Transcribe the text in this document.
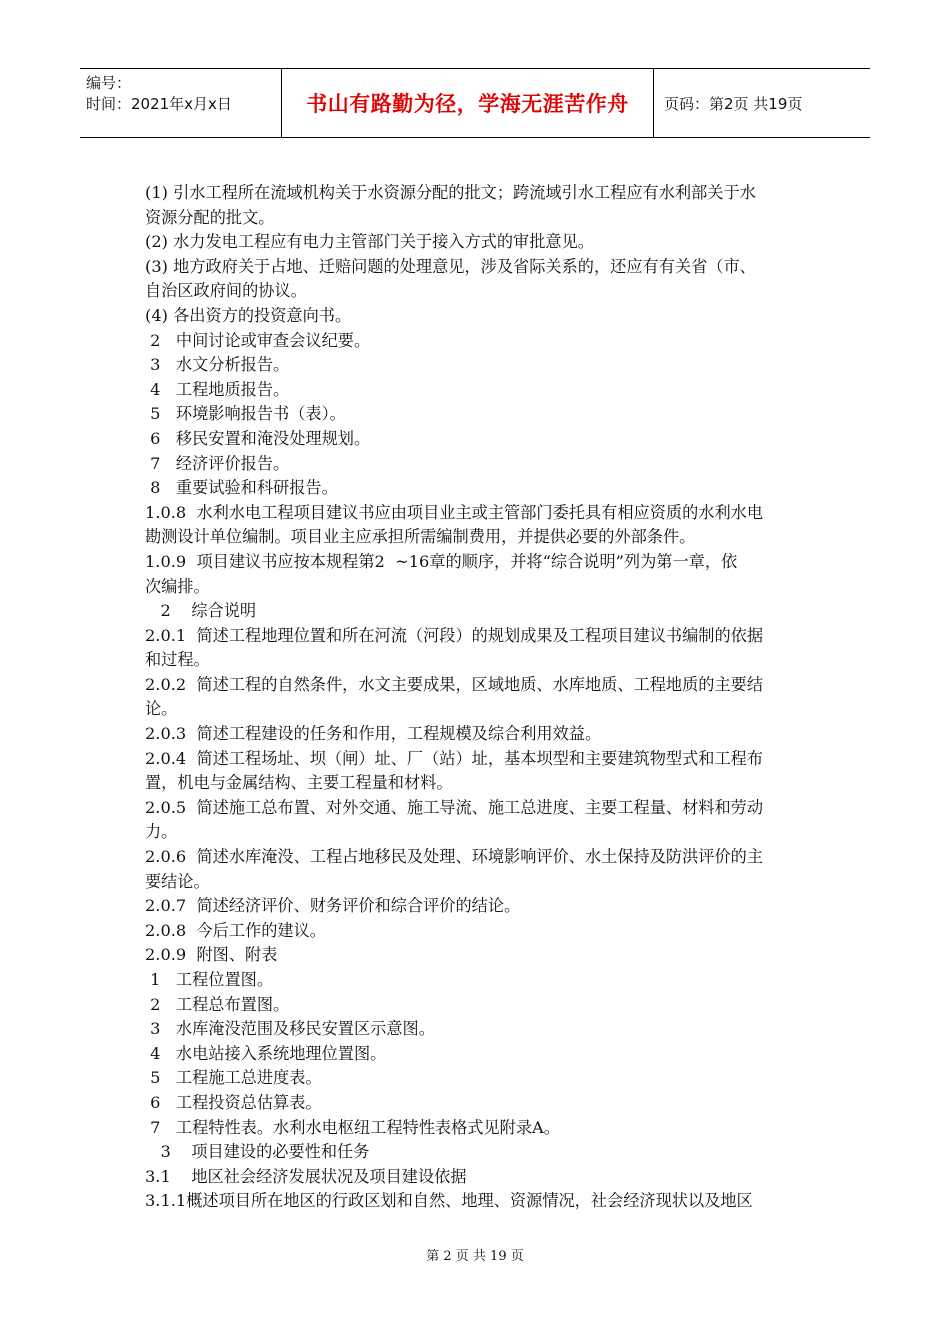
编号：
时间：2021年x月x日	书山有路勤为径，学海无涯苦作舟	页码：第2页 共19页

(1) 引水工程所在流域机构关于水资源分配的批文；跨流域引水工程应有水利部关于水

资源分配的批文。

(2) 水力发电工程应有电力主管部门关于接入方式的审批意见。

(3) 地方政府关于占地、迁赔问题的处理意见，涉及省际关系的，还应有有关省（市、

自治区政府间的协议。

(4) 各出资方的投资意向书。

2   中间讨论或审查会议纪要。

3   水文分析报告。

4   工程地质报告。

5   环境影响报告书（表）。

6   移民安置和淹没处理规划。

7   经济评价报告。

8   重要试验和科研报告。

1.0.8  水利水电工程项目建议书应由项目业主或主管部门委托具有相应资质的水利水电

勘测设计单位编制。项目业主应承担所需编制费用，并提供必要的外部条件。

1.0.9  项目建议书应按本规程第2  ~16章的顺序，并将“综合说明”列为第一章，依

次编排。

2    综合说明

2.0.1  简述工程地理位置和所在河流（河段）的规划成果及工程项目建议书编制的依据

和过程。

2.0.2  简述工程的自然条件，水文主要成果，区域地质、水库地质、工程地质的主要结

论。

2.0.3  简述工程建设的任务和作用，工程规模及综合利用效益。

2.0.4  简述工程场址、坝（闸）址、厂（站）址，基本坝型和主要建筑物型式和工程布

置，机电与金属结构、主要工程量和材料。

2.0.5  简述施工总布置、对外交通、施工导流、施工总进度、主要工程量、材料和劳动

力。

2.0.6  简述水库淹没、工程占地移民及处理、环境影响评价、水土保持及防洪评价的主

要结论。

2.0.7  简述经济评价、财务评价和综合评价的结论。

2.0.8  今后工作的建议。

2.0.9  附图、附表

1   工程位置图。

2   工程总布置图。

3   水库淹没范围及移民安置区示意图。

4   水电站接入系统地理位置图。

5   工程施工总进度表。

6   工程投资总估算表。

7   工程特性表。水利水电枢纽工程特性表格式见附录A。

3    项目建设的必要性和任务

3.1    地区社会经济发展状况及项目建设依据

3.1.1概述项目所在地区的行政区划和自然、地理、资源情况，社会经济现状以及地区

第 2 页 共 19 页
